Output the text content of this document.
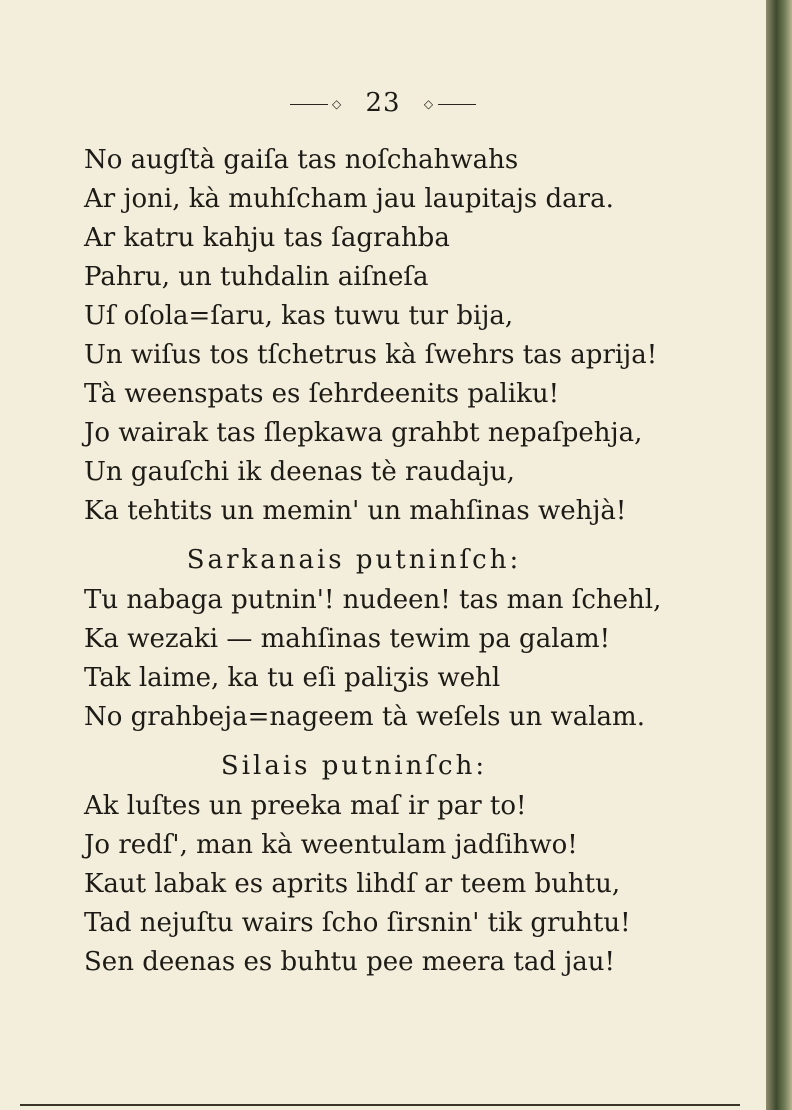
◇ 23 ◇
No augſtà gaiſa tas noſchahwahs
Ar joni, kà muhſcham jau laupitajs dara.
Ar katru kahju tas ſagrahba
Pahru, un tuhdalin aiſneſa
Uſ oſola=ſaru, kas tuwu tur bija,
Un wiſus tos tſchetrus kà ſwehrs tas aprija!
Tà weenspats es ſehrdeenits paliku!
Jo wairak tas ſlepkawa grahbt nepaſpehja,
Un gauſchi ik deenas tè raudaju,
Ka tehtits un memin' un mahſinas wehjà!
Sarkanais putninſch:
Tu nabaga putnin'! nudeen! tas man ſchehl,
Ka wezaki — mahſinas tewim pa galam!
Tak laime, ka tu eſi paliʒis wehl
No grahbeja=nageem tà weſels un walam.
Silais putninſch:
Ak luſtes un preeka maſ ir par to!
Jo redſ', man kà weentulam jadſihwo!
Kaut labak es aprits lihdſ ar teem buhtu,
Tad nejuſtu wairs ſcho ſirsnin' tik gruhtu!
Sen deenas es buhtu pee meera tad jau!
